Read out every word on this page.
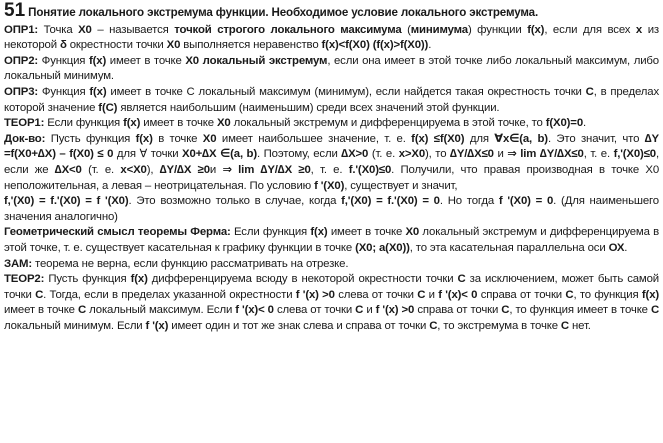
51 Понятие локального экстремума функции. Необходимое условие локального экстремума.

ОПР1: Точка Х0 – называется точкой строгого локального максимума (минимума) функции f(x), если для всех х из некоторой δ окрестности точки Х0 выполняется неравенство f(x)<f(X0) (f(x)>f(X0)).

ОПР2: Функция f(x) имеет в точке Х0 локальный экстремум, если она имеет в этой точке либо локальный максимум, либо локальный минимум.

ОПР3: Функция f(x) имеет в точке С локальный максимум (минимум), если найдется такая окрестность точки С, в пределах которой значение f(С) является наибольшим (наименьшим) среди всех значений этой функции.

ТЕОР1: Если функция f(x) имеет в точке Х0 локальный экстремум и дифференцируема в этой точке, то f(X0)=0.

Док-во: Пусть функция f(x) в точке X0 имеет наибольшее значение, т. е. f(x) ≤f(X0) для ∀x∈(a, b). Это значит, что ∆Y =f(X0+∆X) – f(X0) ≤ 0 для ∀ точки X0+∆X ∈(a, b). Поэтому, если ∆X>0 (т. е. x>X0), то ∆Y/∆X≤0 и ⇒ lim ∆Y/∆X≤0, т. е. f,'(X0)≤0, если же ∆X<0 (т. е. x<X0), ∆Y/∆X ≥0и ⇒ lim ∆Y/∆X ≥0, т. е. f.'(X0)≤0. Получили, что правая производная в точке Х0 неположительная, а левая – неотрицательная. По условию f '(X0), существует и значит,
f,'(X0) = f.'(X0) = f '(X0). Это возможно только в случае, когда f,'(X0) = f.'(X0) = 0. Но тогда f '(X0) = 0. (Для наименьшего значения аналогично)

Геометрический смысл теоремы Ферма: Если функция f(x) имеет в точке Х0 локальный экстремум и дифференцируема в этой точке, т. е. существует касательная к графику функции в точке (X0; a(X0)), то эта касательная параллельна оси ОХ.

ЗАМ: теорема не верна, если функцию рассматривать на отрезке.

ТЕОР2: Пусть функция f(x) дифференцируема всюду в некоторой окрестности точки С за исключением, может быть самой точки С. Тогда, если в пределах указанной окрестности f '(x) >0 слева от точки С и f '(x)< 0 справа от точки С, то функция f(x) имеет в точке С локальный максимум. Если f '(x)< 0 слева от точки С и f '(x) >0 справа от точки С, то функция имеет в точке С локальный минимум. Если f '(x) имеет один и тот же знак слева и справа от точки С, то экстремума в точке С нет.
